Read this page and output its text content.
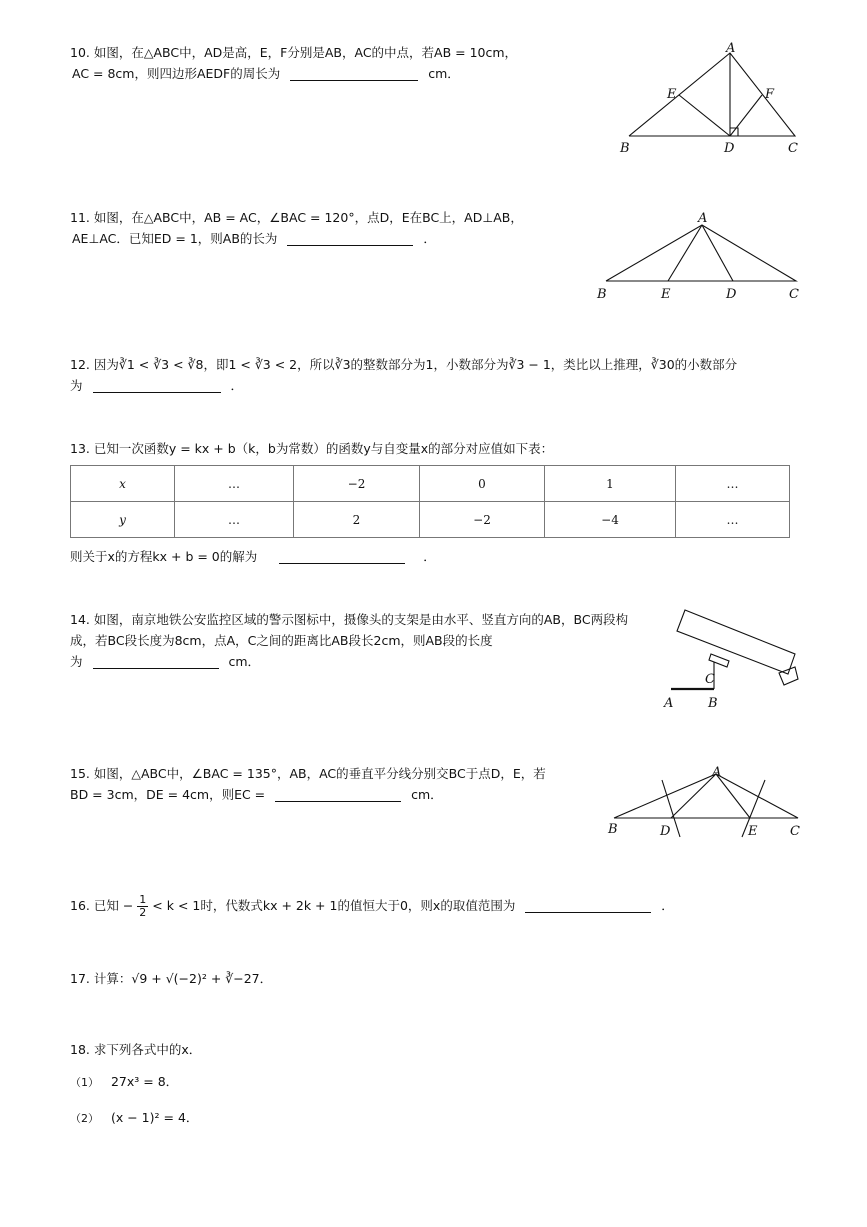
10. 如图，在△ABC中，AD是高，E，F分别是AB，AC的中点，若AB = 10cm，
AC = 8cm，则四边形AEDF的周长为	cm．
A
E	F
B	D	C
11. 如图，在△ABC中，AB = AC，∠BAC = 120°，点D，E在BC上，AD⊥AB，
AE⊥AC．已知ED = 1，则AB的长为	．
A
B	E	D	C
12. 因为∛1 < ∛3 < ∛8，即1 < ∛3 < 2，所以∛3的整数部分为1，小数部分为∛3 − 1，类比以上推理，∛30的小数部分
为	．
13. 已知一次函数y = kx + b（k，b为常数）的函数y与自变量x的部分对应值如下表：
x	…	−2	0	1	…
y	…	2	−2	−4	…
则关于x的方程kx + b = 0的解为	．
14. 如图，南京地铁公安监控区域的警示图标中，摄像头的支架是由水平、竖直方向的AB，BC两段构
成，若BC段长度为8cm，点A，C之间的距离比AB段长2cm，则AB段的长度
为	cm．
C
A	B
15. 如图，△ABC中，∠BAC = 135°，AB，AC的垂直平分线分别交BC于点D，E，若
BD = 3cm，DE = 4cm，则EC =	cm．
A
B	D	E	C
16. 已知 − $\frac{1}{2} < k < 1$时，代数式kx + 2k + 1的值恒大于0，则x的取值范围为	．
17. 计算：√9 + √(−2)² + ∛−27．
18. 求下列各式中的x．
（1） 27x³ = 8．
（2） (x − 1)² = 4．
